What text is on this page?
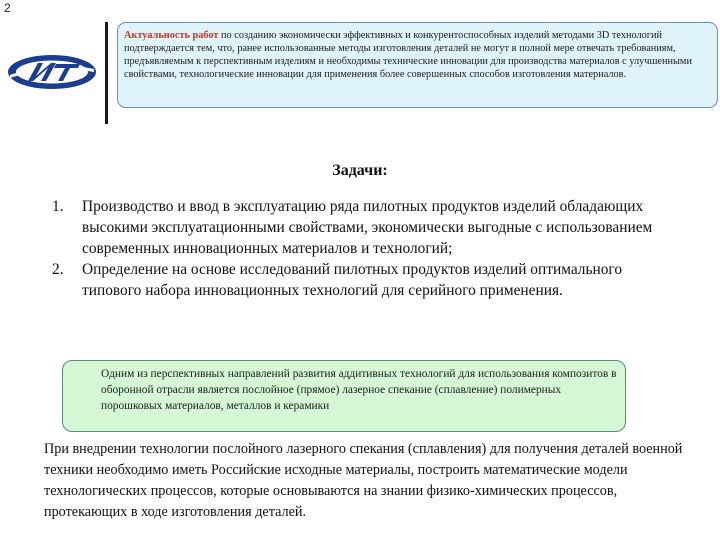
2
Актуальность работ по созданию экономически эффективных и конкурентоспособных изделий методами 3D технологий подтверждается тем, что, ранее использованные методы изготовления деталей не могут в полной мере отвечать требованиям, предъявляемым к перспективным изделиям и необходимы технические инновации для производства материалов с улучшенными свойствами, технологические инновации для применения более совершенных способов изготовления материалов.
Задачи:
1. Производство и ввод в эксплуатацию ряда пилотных продуктов изделий обладающих высокими эксплуатационными свойствами, экономически выгодные с использованием современных инновационных материалов и технологий;
2. Определение на основе исследований пилотных продуктов изделий оптимального типового набора инновационных технологий для серийного применения.
Одним из перспективных направлений развития аддитивных технологий для использования композитов в оборонной отрасли является послойное (прямое) лазерное спекание (сплавление) полимерных порошковых материалов, металлов и керамики
При внедрении технологии послойного лазерного спекания (сплавления) для получения деталей военной техники необходимо иметь Российские исходные материалы, построить математические модели технологических процессов, которые основываются на знании физико-химических процессов, протекающих в ходе изготовления деталей.
